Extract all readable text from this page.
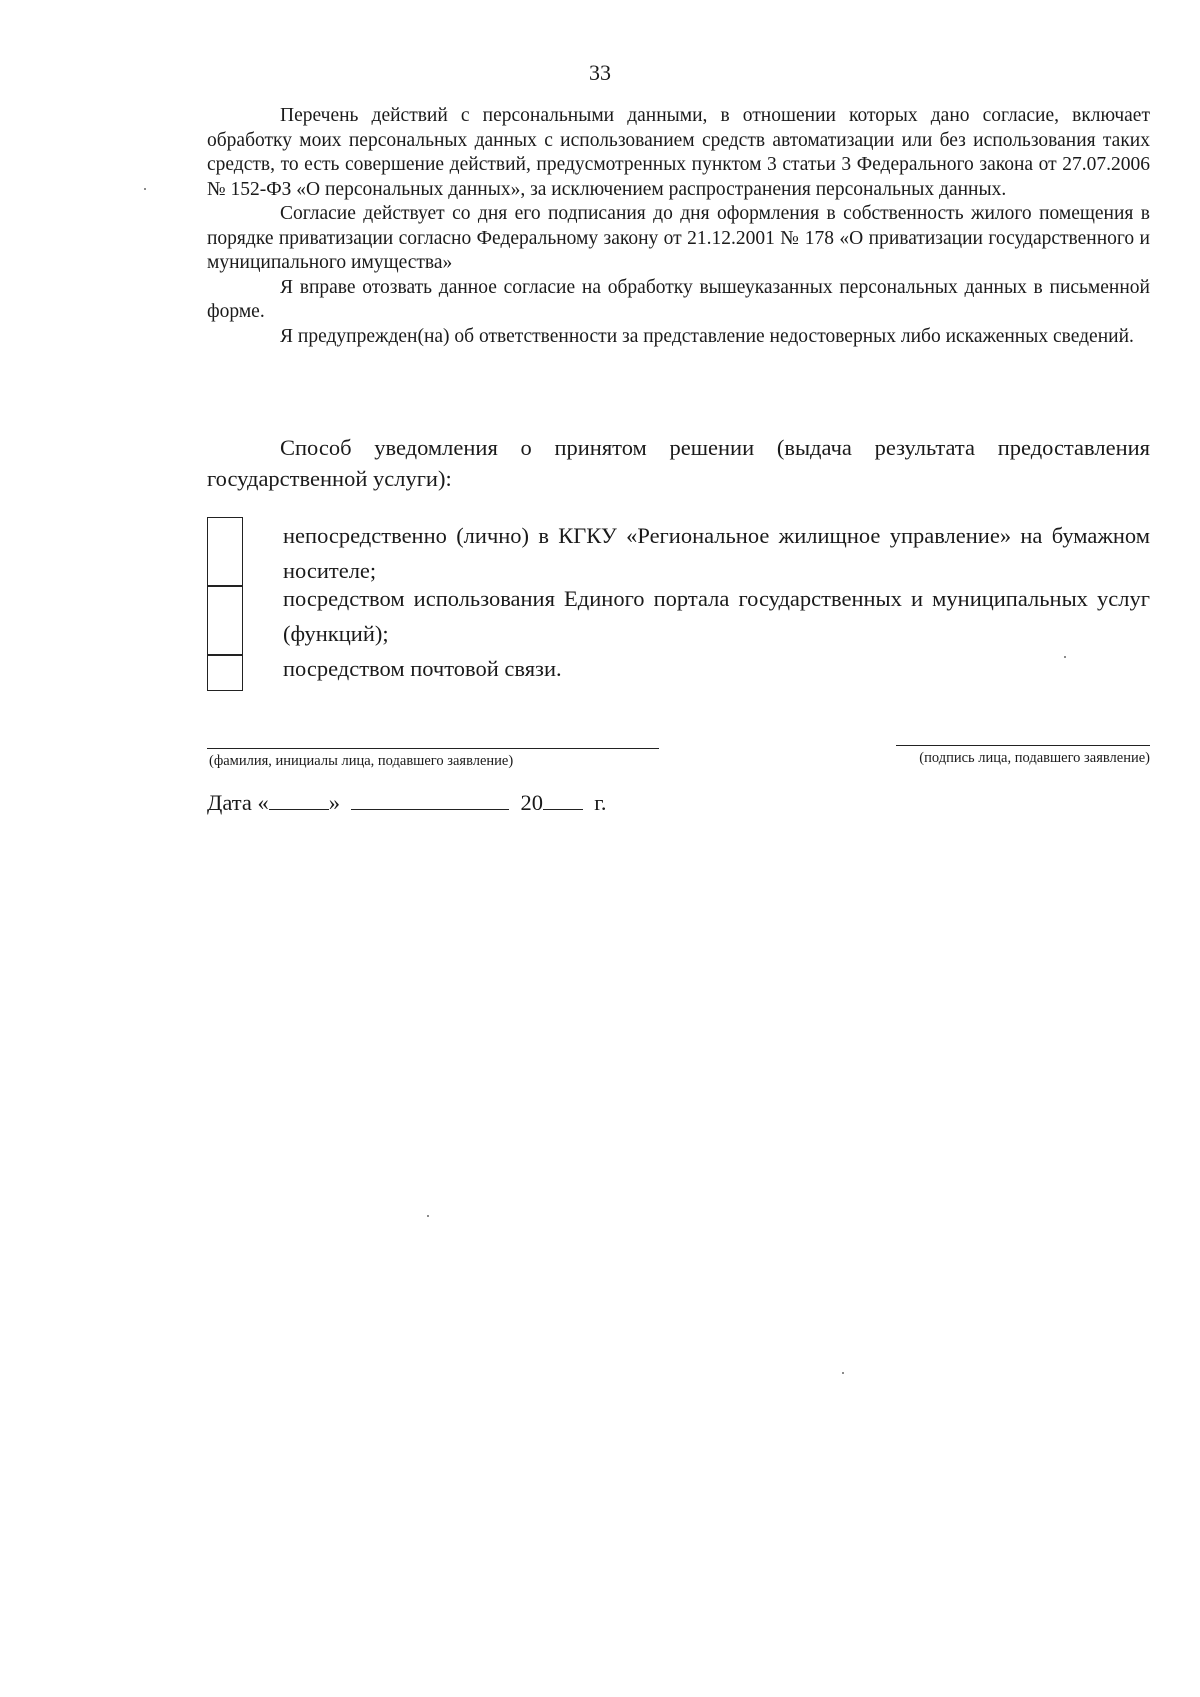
33

Перечень действий с персональными данными, в отношении которых дано согласие, включает обработку моих персональных данных с использованием средств автоматизации или без использования таких средств, то есть совершение действий, предусмотренных пунктом 3 статьи 3 Федерального закона от 27.07.2006 № 152-ФЗ «О персональных данных», за исключением распространения персональных данных.

Согласие действует со дня его подписания до дня оформления в собственность жилого помещения в порядке приватизации согласно Федеральному закону от 21.12.2001 № 178 «О приватизации государственного и муниципального имущества»

Я вправе отозвать данное согласие на обработку вышеуказанных персональных данных в письменной форме.

Я предупрежден(на) об ответственности за представление недостоверных либо искаженных сведений.

Способ уведомления о принятом решении (выдача результата предоставления государственной услуги):

непосредственно (лично) в КГКУ «Региональное жилищное управление» на бумажном носителе;
посредством использования Единого портала государственных и муниципальных услуг (функций);
посредством почтовой связи.
(фамилия, инициалы лица, подавшего заявление)	(подпись лица, подавшего заявление)
Дата «	»	20 г.
